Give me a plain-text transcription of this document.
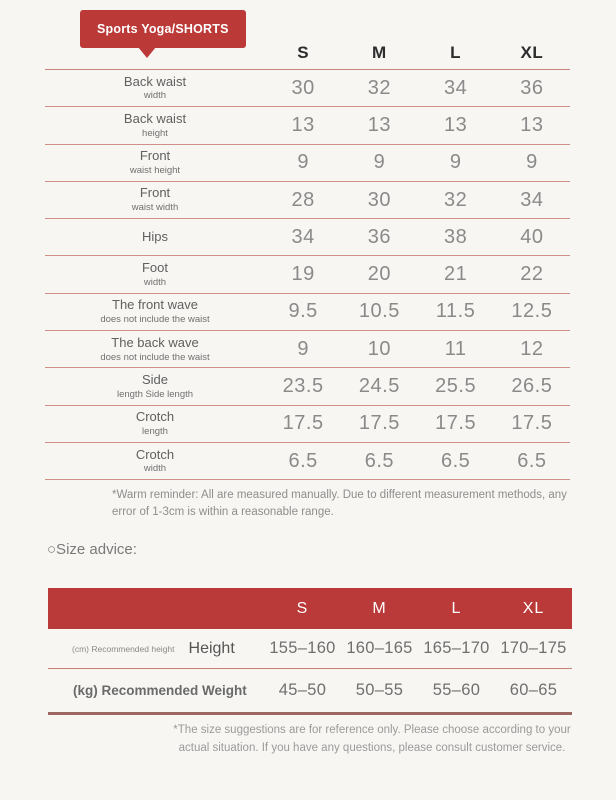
Sports Yoga/SHORTS
S	M	L	XL
Back waist
width	30	32	34	36
Back waist
height	13	13	13	13
Front
waist height	9	9	9	9
Front
waist width	28	30	32	34
Hips	34	36	38	40
Foot
width	19	20	21	22
The front wave
does not include the waist	9.5	10.5	11.5	12.5
The back wave
does not include the waist	9	10	11	12
Side
length Side length	23.5	24.5	25.5	26.5
Crotch
length	17.5	17.5	17.5	17.5
Crotch
width	6.5	6.5	6.5	6.5
*Warm reminder: All are measured manually. Due to different measurement methods, any error of 1-3cm is within a reasonable range.
○Size advice:
S	M	L	XL
(cm) Recommended height Height	155–160 160–165 165–170 170–175
(kg) Recommended Weight	45–50	50–55	55–60	60–65
*The size suggestions are for reference only. Please choose according to your actual situation. If you have any questions, please consult customer service.
